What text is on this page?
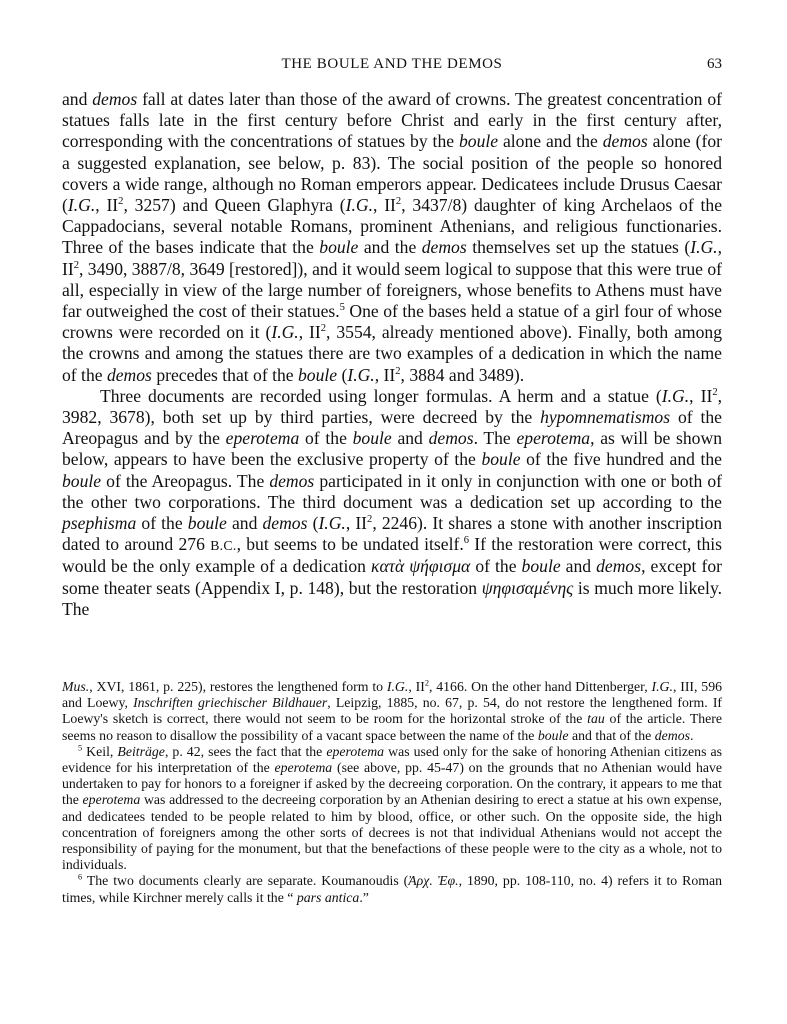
THE BOULE AND THE DEMOS	63

and demos fall at dates later than those of the award of crowns. The greatest concentration of statues falls late in the first century before Christ and early in the first century after, corresponding with the concentrations of statues by the boule alone and the demos alone (for a suggested explanation, see below, p. 83). The social position of the people so honored covers a wide range, although no Roman emperors appear. Dedicatees include Drusus Caesar (I.G., $II^2$, 3257) and Queen Glaphyra (I.G., $II^2$, 3437/8) daughter of king Archelaos of the Cappadocians, several notable Romans, prominent Athenians, and religious functionaries. Three of the bases indicate that the boule and the demos themselves set up the statues (I.G., $II^2$, 3490, 3887/8, 3649 [restored]), and it would seem logical to suppose that this were true of all, especially in view of the large number of foreigners, whose benefits to Athens must have far outweighed the cost of their statues.$^5$ One of the bases held a statue of a girl four of whose crowns were recorded on it (I.G., $II^2$, 3554, already mentioned above). Finally, both among the crowns and among the statues there are two examples of a dedication in which the name of the demos precedes that of the boule (I.G., $II^2$, 3884 and 3489).

Three documents are recorded using longer formulas. A herm and a statue (I.G., $II^2$, 3982, 3678), both set up by third parties, were decreed by the hypomnematismos of the Areopagus and by the eperotema of the boule and demos. The eperotema, as will be shown below, appears to have been the exclusive property of the boule of the five hundred and the boule of the Areopagus. The demos participated in it only in conjunction with one or both of the other two corporations. The third document was a dedication set up according to the psephisma of the boule and demos (I.G., $II^2$, 2246). It shares a stone with another inscription dated to around 276 B.C., but seems to be undated itself.$^6$ If the restoration were correct, this would be the only example of a dedication κατὰ ψήφισμα of the boule and demos, except for some theater seats (Appendix I, p. 148), but the restoration ψηφισαμένης is much more likely. The

Mus., XVI, 1861, p. 225), restores the lengthened form to I.G., $II^2$, 4166. On the other hand Dittenberger, I.G., III, 596 and Loewy, Inschriften griechischer Bildhauer, Leipzig, 1885, no. 67, p. 54, do not restore the lengthened form. If Loewy's sketch is correct, there would not seem to be room for the horizontal stroke of the tau of the article. There seems no reason to disallow the possibility of a vacant space between the name of the boule and that of the demos.

$^5$ Keil, Beiträge, p. 42, sees the fact that the eperotema was used only for the sake of honoring Athenian citizens as evidence for his interpretation of the eperotema (see above, pp. 45-47) on the grounds that no Athenian would have undertaken to pay for honors to a foreigner if asked by the decreeing corporation. On the contrary, it appears to me that the eperotema was addressed to the decreeing corporation by an Athenian desiring to erect a statue at his own expense, and dedicatees tended to be people related to him by blood, office, or other such. On the opposite side, the high concentration of foreigners among the other sorts of decrees is not that individual Athenians would not accept the responsibility of paying for the monument, but that the benefactions of these people were to the city as a whole, not to individuals.

$^6$ The two documents clearly are separate. Koumanoudis (Ἀρχ. Ἐφ., 1890, pp. 108-110, no. 4) refers it to Roman times, while Kirchner merely calls it the “ pars antica.”
